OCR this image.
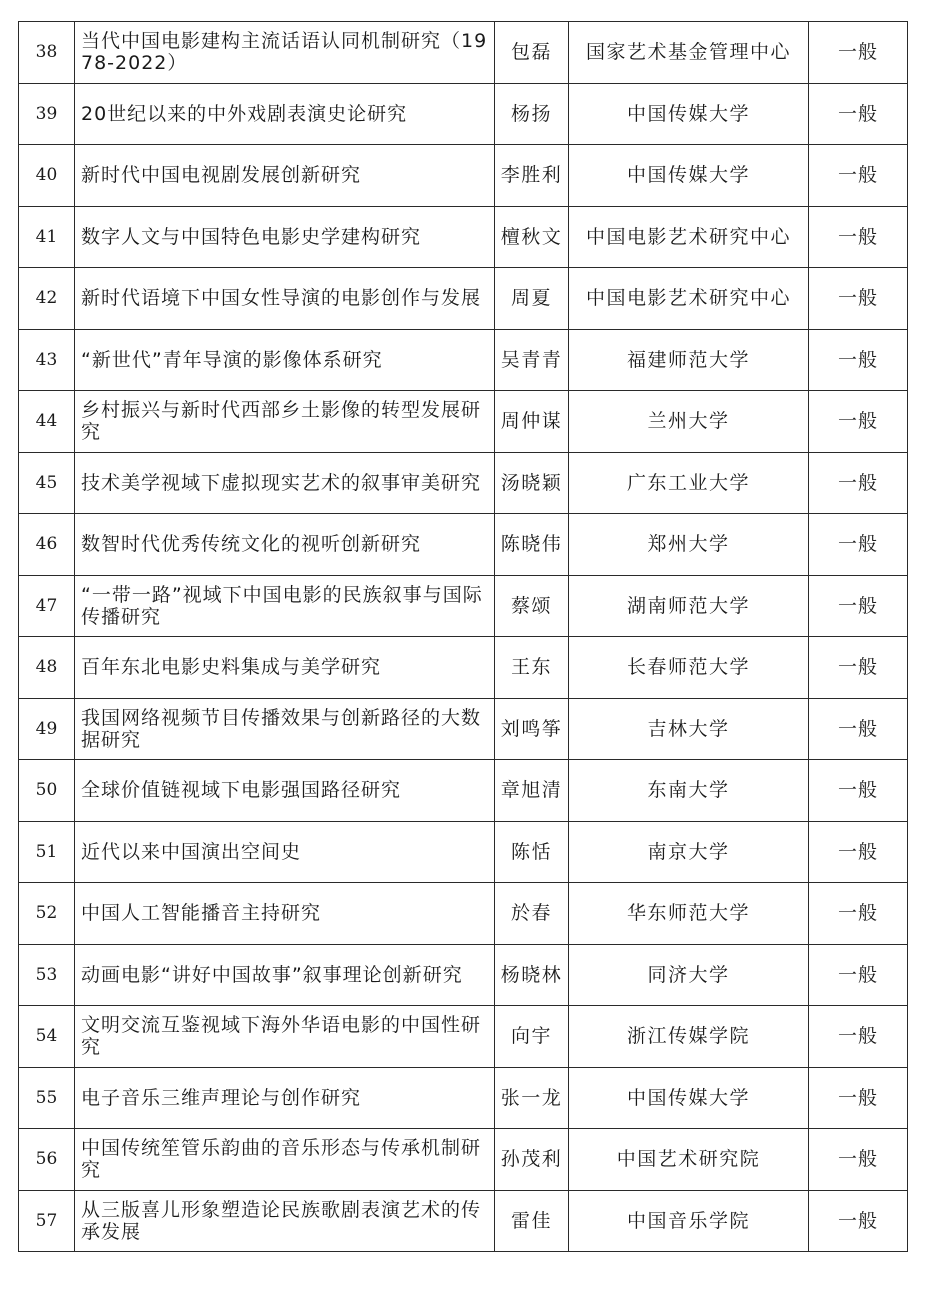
38	当代中国电影建构主流话语认同机制研究（1978-2022）	包磊	国家艺术基金管理中心	一般
39	20世纪以来的中外戏剧表演史论研究	杨扬	中国传媒大学	一般
40	新时代中国电视剧发展创新研究	李胜利	中国传媒大学	一般
41	数字人文与中国特色电影史学建构研究	檀秋文	中国电影艺术研究中心	一般
42	新时代语境下中国女性导演的电影创作与发展	周夏	中国电影艺术研究中心	一般
43	“新世代”青年导演的影像体系研究	吴青青	福建师范大学	一般
44	乡村振兴与新时代西部乡土影像的转型发展研究	周仲谋	兰州大学	一般
45	技术美学视域下虚拟现实艺术的叙事审美研究	汤晓颖	广东工业大学	一般
46	数智时代优秀传统文化的视听创新研究	陈晓伟	郑州大学	一般
47	“一带一路”视域下中国电影的民族叙事与国际传播研究	蔡颂	湖南师范大学	一般
48	百年东北电影史料集成与美学研究	王东	长春师范大学	一般
49	我国网络视频节目传播效果与创新路径的大数据研究	刘鸣筝	吉林大学	一般
50	全球价值链视域下电影强国路径研究	章旭清	东南大学	一般
51	近代以来中国演出空间史	陈恬	南京大学	一般
52	中国人工智能播音主持研究	於春	华东师范大学	一般
53	动画电影“讲好中国故事”叙事理论创新研究	杨晓林	同济大学	一般
54	文明交流互鉴视域下海外华语电影的中国性研究	向宇	浙江传媒学院	一般
55	电子音乐三维声理论与创作研究	张一龙	中国传媒大学	一般
56	中国传统笙管乐韵曲的音乐形态与传承机制研究	孙茂利	中国艺术研究院	一般
57	从三版喜儿形象塑造论民族歌剧表演艺术的传承发展	雷佳	中国音乐学院	一般
